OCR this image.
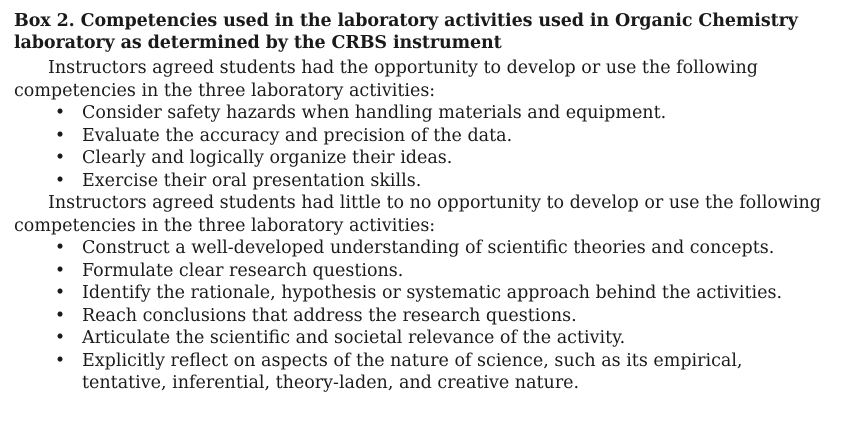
Box 2. Competencies used in the laboratory activities used in Organic Chemistry laboratory as determined by the CRBS instrument

Instructors agreed students had the opportunity to develop or use the following competencies in the three laboratory activities:

• Consider safety hazards when handling materials and equipment.
• Evaluate the accuracy and precision of the data.
• Clearly and logically organize their ideas.
• Exercise their oral presentation skills.

Instructors agreed students had little to no opportunity to develop or use the following competencies in the three laboratory activities:

• Construct a well-developed understanding of scientific theories and concepts.
• Formulate clear research questions.
• Identify the rationale, hypothesis or systematic approach behind the activities.
• Reach conclusions that address the research questions.
• Articulate the scientific and societal relevance of the activity.
• Explicitly reflect on aspects of the nature of science, such as its empirical, tentative, inferential, theory-laden, and creative nature.
